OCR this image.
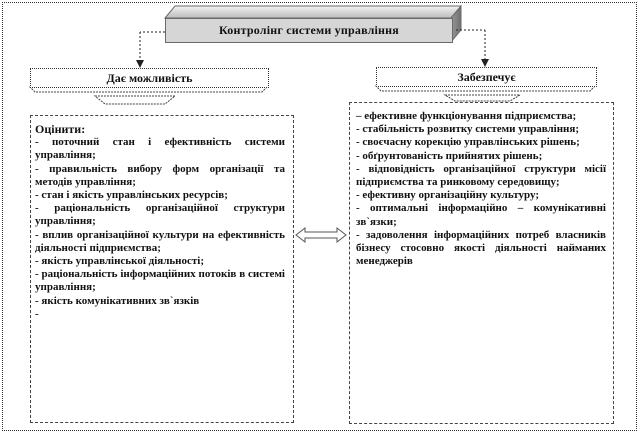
Контролінг системи управління
Дає можливість	Забезпечує
Оцінити:
- поточний стан і ефективність системи управління;
- правильність вибору форм організації та методів управління;
- стан і якість управлінських ресурсів;
- раціональність організаційної структури управління;
- вплив організаційної культури на ефективність діяльності підприємства;
- якість управлінської діяльності;
- раціональність інформаційних потоків в системі управління;
- якість комунікативних зв`язків
-
– ефективне функціонування підприємства;
- стабільність розвитку системи управління;
- своєчасну корекцію управлінських рішень;
- обґрунтованість прийнятих рішень;
- відповідність організаційної структури місії підприємства та ринковому середовищу;
- ефективну організаційну культуру;
- оптимальні інформаційно – комунікативні зв`язки;
- задоволення інформаційних потреб власників бізнесу стосовно якості діяльності найманих менеджерів
